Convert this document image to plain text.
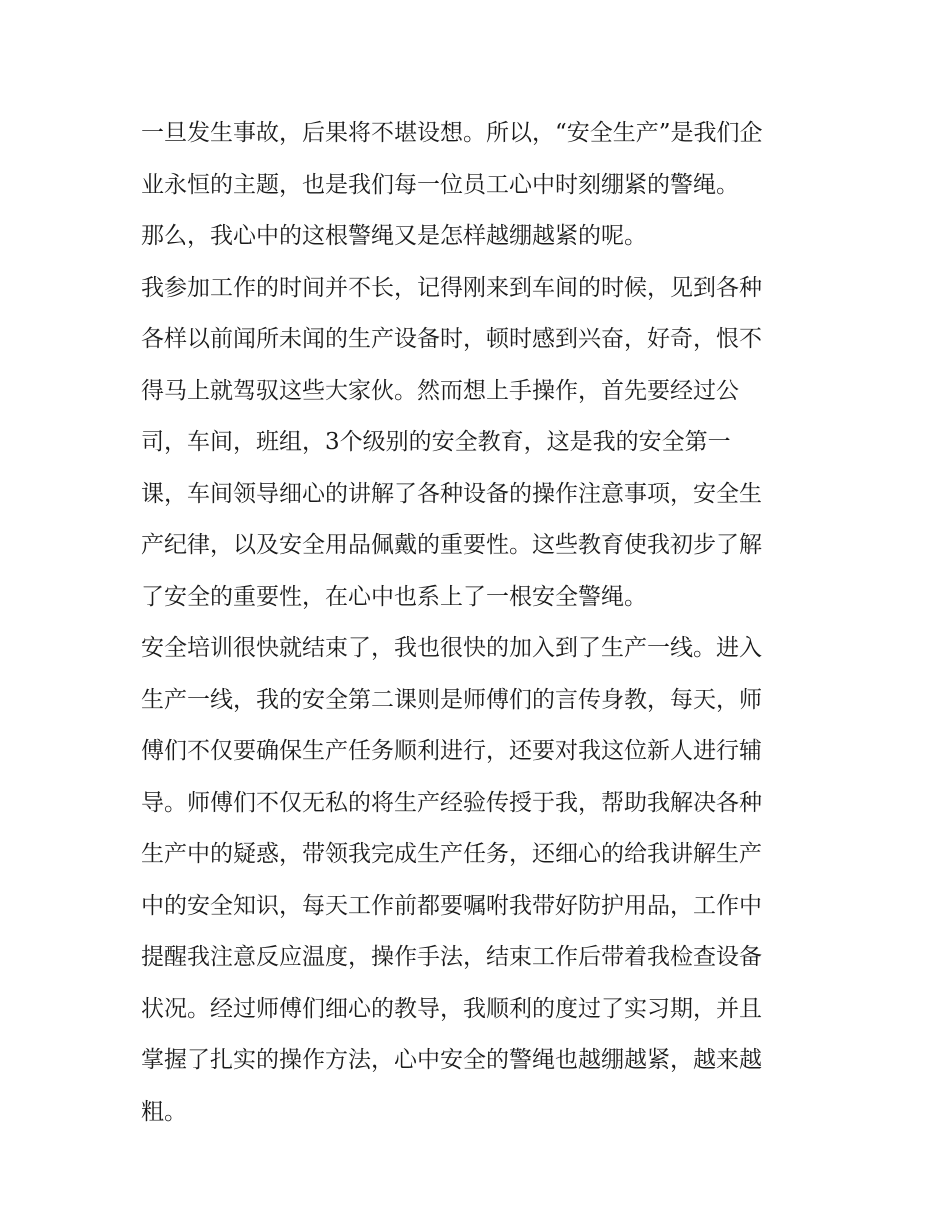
一旦发生事故，后果将不堪设想。所以，“安全生产”是我们企
业永恒的主题，也是我们每一位员工心中时刻绷紧的警绳。
那么，我心中的这根警绳又是怎样越绷越紧的呢。
我参加工作的时间并不长，记得刚来到车间的时候，见到各种
各样以前闻所未闻的生产设备时，顿时感到兴奋，好奇，恨不
得马上就驾驭这些大家伙。然而想上手操作，首先要经过公
司，车间，班组，3个级别的安全教育，这是我的安全第一
课，车间领导细心的讲解了各种设备的操作注意事项，安全生
产纪律，以及安全用品佩戴的重要性。这些教育使我初步了解
了安全的重要性，在心中也系上了一根安全警绳。
安全培训很快就结束了，我也很快的加入到了生产一线。进入
生产一线，我的安全第二课则是师傅们的言传身教，每天，师
傅们不仅要确保生产任务顺利进行，还要对我这位新人进行辅
导。师傅们不仅无私的将生产经验传授于我，帮助我解决各种
生产中的疑惑，带领我完成生产任务，还细心的给我讲解生产
中的安全知识，每天工作前都要嘱咐我带好防护用品，工作中
提醒我注意反应温度，操作手法，结束工作后带着我检查设备
状况。经过师傅们细心的教导，我顺利的度过了实习期，并且
掌握了扎实的操作方法，心中安全的警绳也越绷越紧，越来越
粗。
